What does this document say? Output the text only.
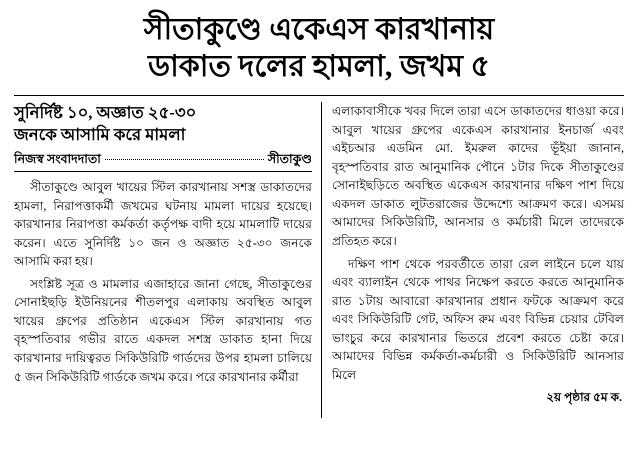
সীতাকুণ্ডে একেএস কারখানায়
ডাকাত দলের হামলা, জখম ৫
সুনির্দিষ্ট ১০, অজ্ঞাত ২৫-৩০
জনকে আসামি করে মামলা
নিজস্ব সংবাদদাতা	সীতাকুণ্ড

সীতাকুণ্ডে আবুল খায়ের স্টিল কারখানায় সশস্ত্র ডাকাতদের হামলা, নিরাপত্তাকর্মী জখমের ঘটনায় মামলা দায়ের হয়েছে। কারখানার নিরাপত্তা কর্মকর্তা কর্তৃপক্ষ বাদী হয়ে মামলাটি দায়ের করেন। এতে সুনির্দিষ্ট ১০ জন ও অজ্ঞাত ২৫-৩০ জনকে আসামি করা হয়।

সংশ্লিষ্ট সূত্র ও মামলার এজাহারে জানা গেছে, সীতাকুণ্ডের সোনাইছড়ি ইউনিয়নের শীতলপুর এলাকায় অবস্থিত আবুল খায়ের গ্রুপের প্রতিষ্ঠান একেএস স্টিল কারখানায় গত বৃহস্পতিবার গভীর রাতে একদল সশস্ত্র ডাকাত হানা দিয়ে কারখানার দায়িত্বরত সিকিউরিটি গার্ডদের উপর হামলা চালিয়ে ৫ জন সিকিউরিটি গার্ডকে জখম করে। পরে কারখানার কর্মীরা

এলাকাবাসীকে খবর দিলে তারা এসে ডাকাতদের ধাওয়া করে। আবুল খায়ের গ্রুপের একেএস কারখানার ইনচার্জ এবং এইচআর এডমিন মো. ইমরুল কাদের ভূঁইয়া জানান, বৃহস্পতিবার রাত আনুমানিক পৌনে ১টার দিকে সীতাকুণ্ডের সোনাইছড়িতে অবস্থিত একেএস কারখানার দক্ষিণ পাশ দিয়ে একদল ডাকাত লুটতরাজের উদ্দেশ্যে আক্রমণ করে। এসময় আমাদের সিকিউরিটি, আনসার ও কর্মচারী মিলে তাদেরকে প্রতিহত করে।

দক্ষিণ পাশ থেকে পরবর্তীতে তারা রেল লাইনে চলে যায় এবং ব্যালাইন থেকে পাথর নিক্ষেপ করতে করতে আনুমানিক রাত ১টায় আবারো কারখানার প্রধান ফটকে আক্রমণ করে এবং সিকিউরিটি গেট, অফিস রুম এবং বিভিন্ন চেয়ার টেবিল ভাংচুর করে কারখানার ভিতরে প্রবেশ করতে চেষ্টা করে। আমাদের বিভিন্ন কর্মকর্তা-কর্মচারী ও সিকিউরিটি আনসার মিলে

২য় পৃষ্ঠার ৫ম ক.
